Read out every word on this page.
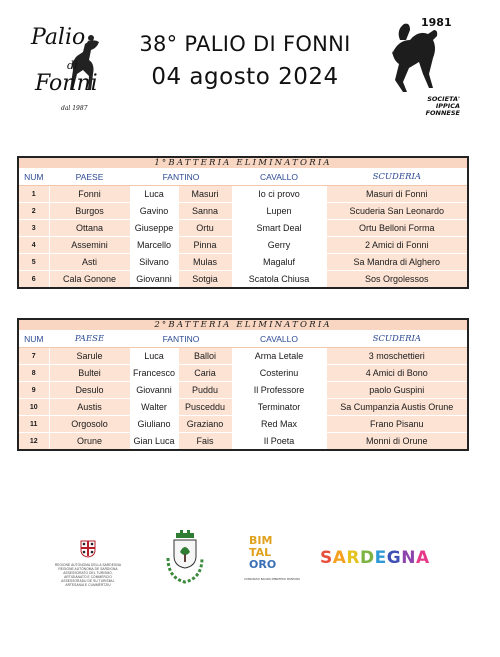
Palio
di
Fonni
dal 1987
38° PALIO DI FONNI
04 agosto 2024
1981
SOCIETA'
IPPICA
FONNESE
1°BATTERIA ELIMINATORIA					
NUM	PAESE	FANTINO		CAVALLO	SCUDERIA
1	Fonni	Luca	Masuri	Io ci provo	Masuri di Fonni
2	Burgos	Gavino	Sanna	Lupen	Scuderia San Leonardo
3	Ottana	Giuseppe	Ortu	Smart Deal	Ortu Belloni Forma
4	Assemini	Marcello	Pinna	Gerry	2 Amici di Fonni
5	Asti	Silvano	Mulas	Magaluf	Sa Mandra di Alghero
6	Cala Gonone	Giovanni	Sotgia	Scatola Chiusa	Sos Orgolessos
2°BATTERIA ELIMINATORIA					
NUM	PAESE	FANTINO		CAVALLO	SCUDERIA
7	Sarule	Luca	Balloi	Arma Letale	3 moschettieri
8	Bultei	Francesco	Caria	Costerinu	4 Amici di Bono
9	Desulo	Giovanni	Puddu	Il Professore	paolo Guspini
10	Austis	Walter	Pusceddu	Terminator	Sa Cumpanzia Austis Orune
11	Orgosolo	Giuliano	Graziano	Red Max	Frano Pisanu
12	Orune	Gian Luca	Fais	Il Poeta	Monni di Orune
REGIONE AUTONOMA DELLA SARDEGNA
REGIONE AUTÒNOMA DE SARDIGNA
ASSESSORATO DEL TURISMO, ARTIGIANATO E COMMERCIO
ASSESSORADU DE SU TURISMU, ARTESANIA E CUMMÈRTZIU
BIM
TAL
ORO
CONSORZIO BACINO IMBRIFERO MONTANO
SARDEGNA
